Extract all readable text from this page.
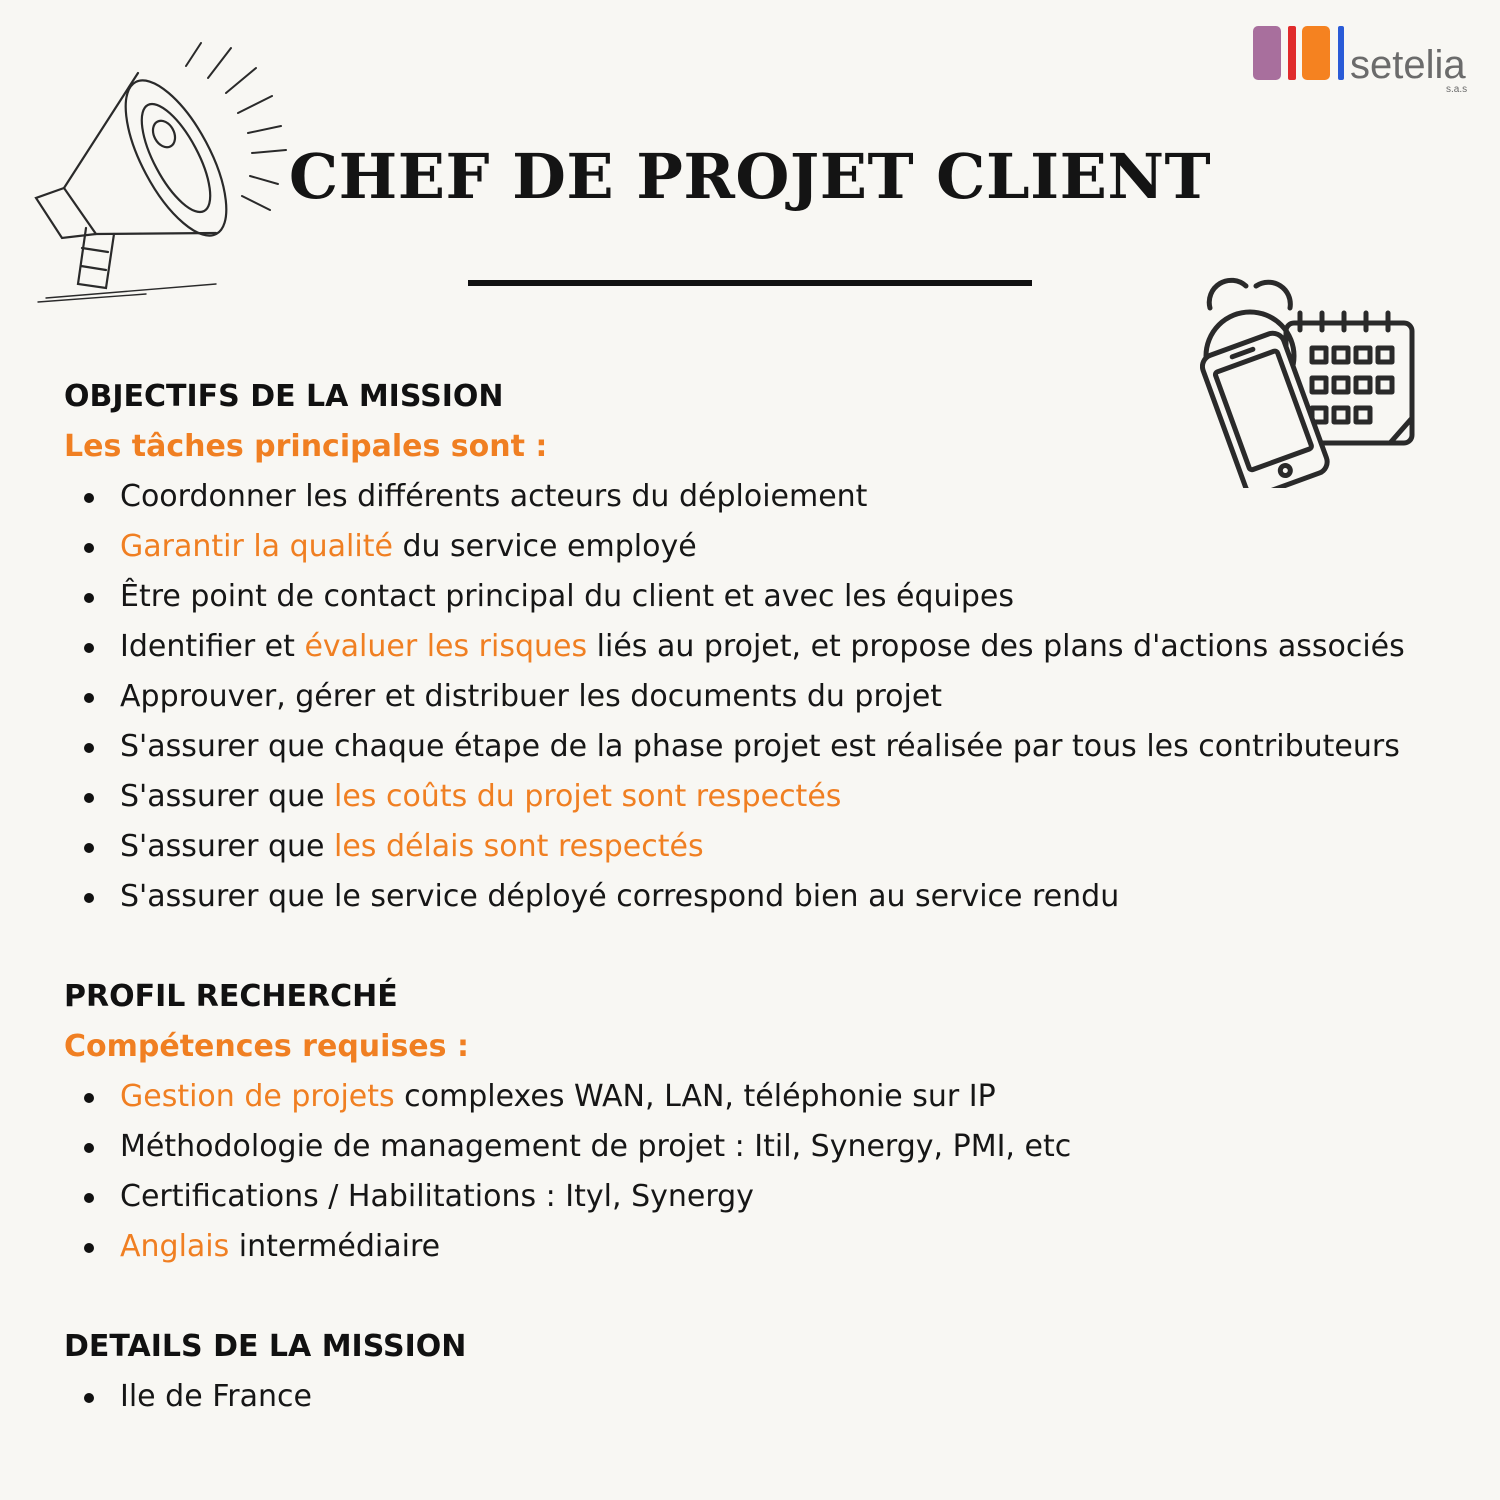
setelia
s.a.s
CHEF DE PROJET CLIENT
OBJECTIFS DE LA MISSION
Les tâches principales sont :
Coordonner les différents acteurs du déploiement
Garantir la qualité du service employé
Être point de contact principal du client et avec les équipes
Identifier et évaluer les risques liés au projet, et propose des plans d'actions associés
Approuver, gérer et distribuer les documents du projet
S'assurer que chaque étape de la phase projet est réalisée par tous les contributeurs
S'assurer que les coûts du projet sont respectés
S'assurer que les délais sont respectés
S'assurer que le service déployé correspond bien au service rendu
PROFIL RECHERCHÉ
Compétences requises :
Gestion de projets complexes WAN, LAN, téléphonie sur IP
Méthodologie de management de projet : Itil, Synergy, PMI, etc
Certifications / Habilitations : Ityl, Synergy
Anglais intermédiaire
DETAILS DE LA MISSION
Ile de France
